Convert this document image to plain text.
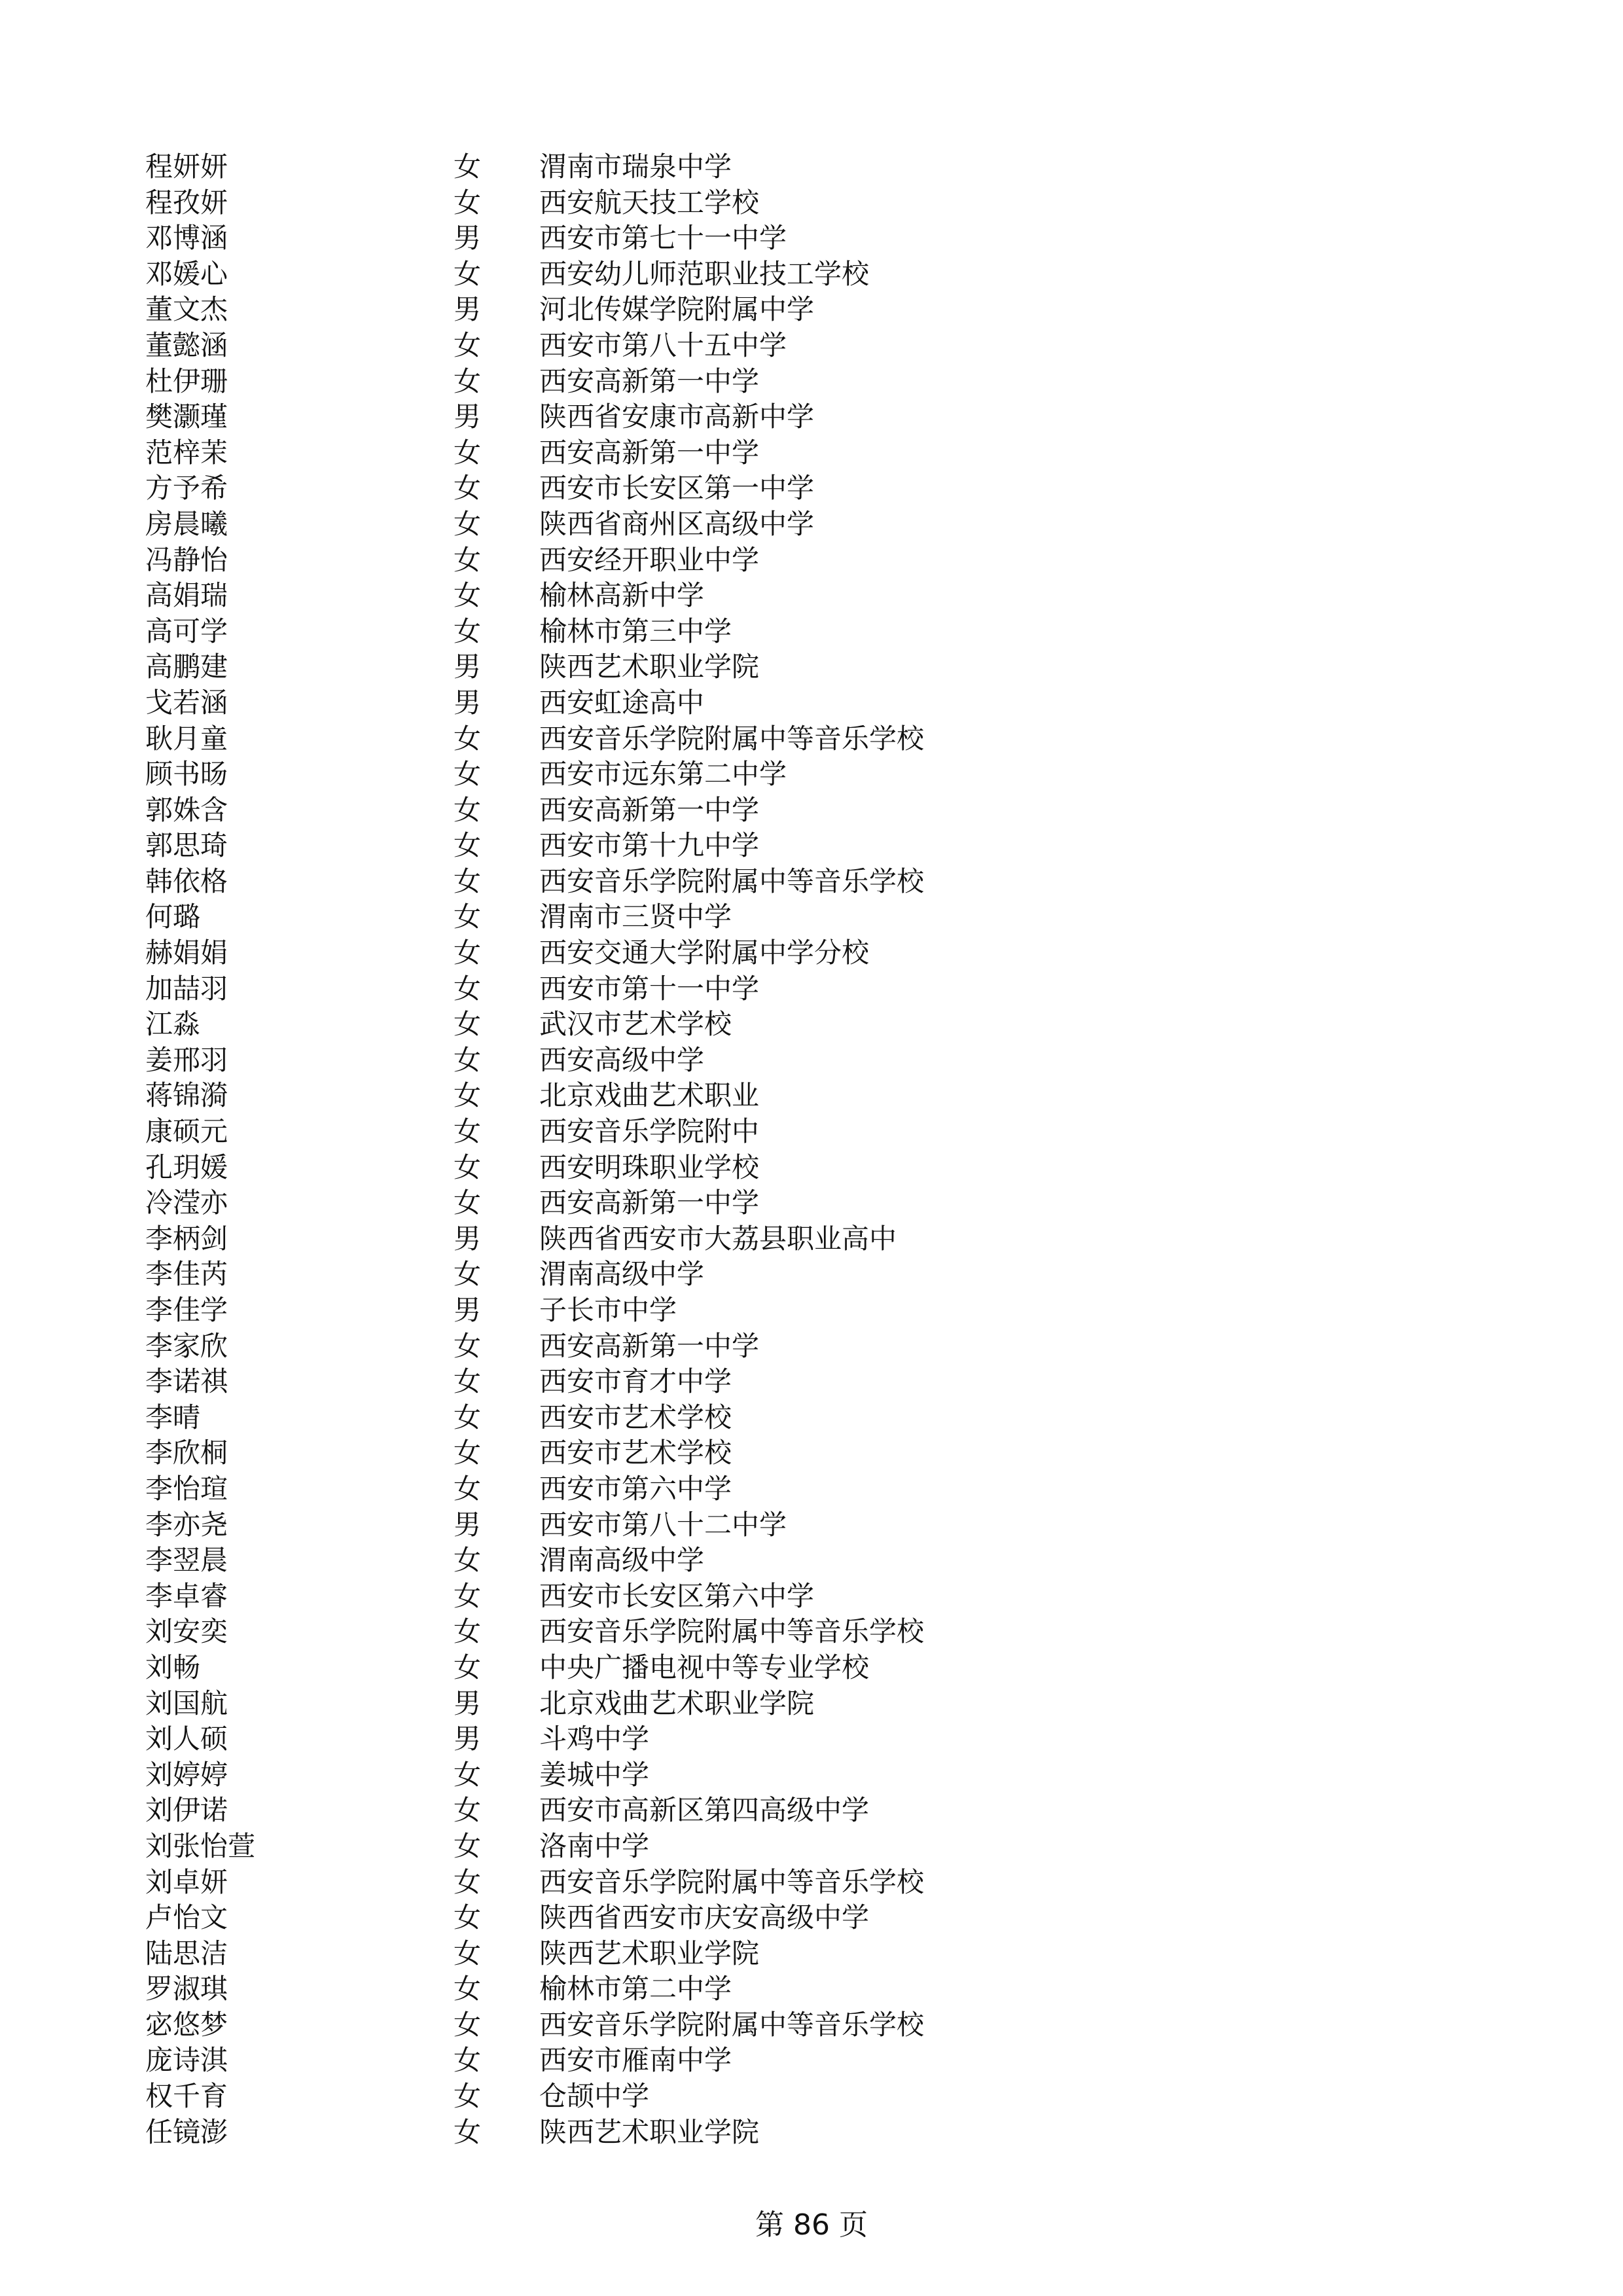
程妍妍	女 渭南市瑞泉中学
程孜妍	女 西安航天技工学校
邓博涵	男 西安市第七十一中学
邓媛心	女 西安幼儿师范职业技工学校
董文杰	男 河北传媒学院附属中学
董懿涵	女 西安市第八十五中学
杜伊珊	女 西安高新第一中学
樊灏瑾	男 陕西省安康市高新中学
范梓茉	女 西安高新第一中学
方予希	女 西安市长安区第一中学
房晨曦	女 陕西省商州区高级中学
冯静怡	女 西安经开职业中学
高娟瑞	女 榆林高新中学
高可学	女 榆林市第三中学
高鹏建	男 陕西艺术职业学院
戈若涵	男 西安虹途高中
耿月童	女 西安音乐学院附属中等音乐学校
顾书旸	女 西安市远东第二中学
郭姝含	女 西安高新第一中学
郭思琦	女 西安市第十九中学
韩依格	女 西安音乐学院附属中等音乐学校
何璐	女 渭南市三贤中学
赫娟娟	女 西安交通大学附属中学分校
加喆羽	女 西安市第十一中学
江淼	女 武汉市艺术学校
姜邢羽	女 西安高级中学
蒋锦漪	女 北京戏曲艺术职业
康硕元	女 西安音乐学院附中
孔玥媛	女 西安明珠职业学校
冷滢亦	女 西安高新第一中学
李柄剑	男 陕西省西安市大荔县职业高中
李佳芮	女 渭南高级中学
李佳学	男 子长市中学
李家欣	女 西安高新第一中学
李诺祺	女 西安市育才中学
李晴	女 西安市艺术学校
李欣桐	女 西安市艺术学校
李怡瑄	女 西安市第六中学
李亦尧	男 西安市第八十二中学
李翌晨	女 渭南高级中学
李卓睿	女 西安市长安区第六中学
刘安奕	女 西安音乐学院附属中等音乐学校
刘畅	女 中央广播电视中等专业学校
刘国航	男 北京戏曲艺术职业学院
刘人硕	男 斗鸡中学
刘婷婷	女 姜城中学
刘伊诺	女 西安市高新区第四高级中学
刘张怡萱	女 洛南中学
刘卓妍	女 西安音乐学院附属中等音乐学校
卢怡文	女 陕西省西安市庆安高级中学
陆思洁	女 陕西艺术职业学院
罗淑琪	女 榆林市第二中学
宓悠梦	女 西安音乐学院附属中等音乐学校
庞诗淇	女 西安市雁南中学
权千育	女 仓颉中学
任镜澎	女 陕西艺术职业学院
第 86 页
